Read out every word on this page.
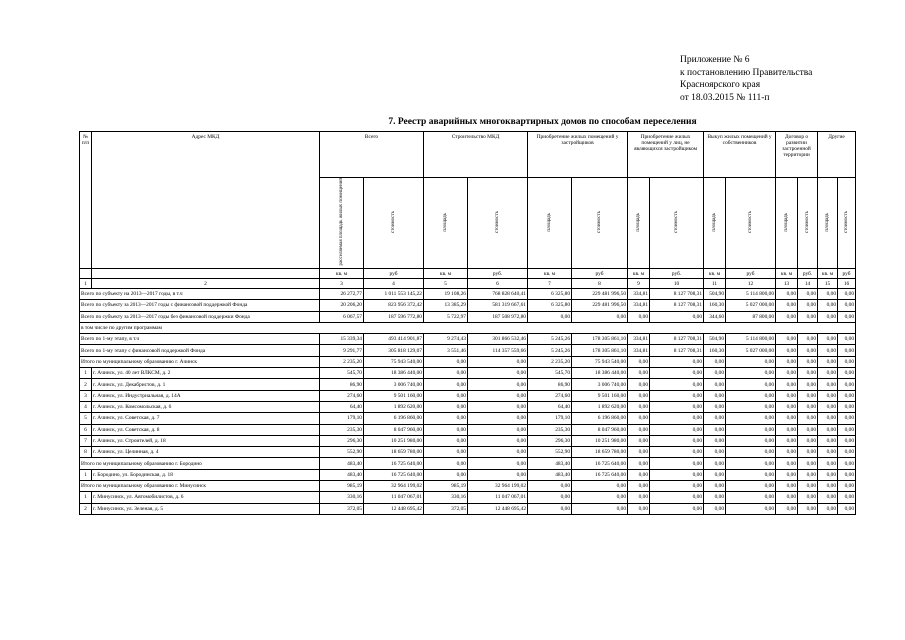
Приложение № 6
к постановлению Правительства
Красноярского края
от 18.03.2015 № 111-п
7. Реестр аварийных многоквартирных домов по способам переселения
№ п/п	Адрес МКД	Всего		Строительство МКД		Приобретение жилых помещений у застройщиков		Приобретение жилых помещений у лиц, не являющихся застройщиком		Выкуп жилых помещений у собственников		Договор о развитии застроенной территории		Другие	
		расселяемая площадь жилых помещений	стоимость	площадь	стоимость	площадь	стоимость	площадь	стоимость	площадь	стоимость	площадь	стоимость	площадь	стоимость
		кв. м	руб	кв. м	руб.	кв. м	руб	кв. м	руб.	кв. м	руб	кв. м	руб.	кв. м	руб
1	2	3	4	5	6	7	8	9	10	11	12	13	14	15	16
Всего по субъекту на 2013—2017 годы, в т.ч		26 272,77	1 011 553 145,22	19 108,26	768 828 640,41	6 325,80	229 481 996,50	334,81	8 127 708,31	504,90	5 114 800,00	0,00	0,00	0,00	0,00
Всего по субъекту за 2013—2017 годы с финансовой поддержкой Фонда		20 206,20	823 956 372,42	13 385,29	581 319 667,61	6 325,80	229 481 996,50	334,81	8 127 708,31	160,30	5 027 000,00	0,00	0,00	0,00	0,00
Всего по субъекту за 2013—2017 годы без финансовой поддержки Фонда		6 067,57	187 596 772,80	5 722,97	187 508 972,80	0,00	0,00	0,00	0,00	344,60	87 800,00	0,00	0,00	0,00	0,00
в том числе по другим программам															
Всего по 1-му этапу, в т.ч		15 339,34	493 414 901,87	9 274,43	301 866 532,46	5 245,26	178 305 861,10	334,81	8 127 708,31	504,90	5 114 800,00	0,00	0,00	0,00	0,00
Всего по 1-му этапу с финансовой поддержкой Фонда		9 291,77	305 818 129,07	3 551,46	114 357 559,66	5 245,26	178 305 861,10	334,81	8 127 708,31	160,30	5 027 000,00	0,00	0,00	0,00	0,00
Итого по муниципальному образованию г. Ачинск		2 235,20	75 943 540,00	0,00	0,00	2 235,20	75 943 540,00	0,00	0,00	0,00	0,00	0,00	0,00	0,00	0,00
1	г. Ачинск, ул. 40 лет ВЛКСМ, д. 2	545,70	18 386 440,00	0,00	0,00	545,70	18 386 440,00	0,00	0,00	0,00	0,00	0,00	0,00	0,00	0,00
2	г. Ачинск, ул. Декабристов, д. 1	86,90	3 006 740,00	0,00	0,00	86,90	3 006 740,00	0,00	0,00	0,00	0,00	0,00	0,00	0,00	0,00
3	г. Ачинск, ул. Индустриальная, д. 14А	274,60	9 501 160,00	0,00	0,00	274,60	9 501 160,00	0,00	0,00	0,00	0,00	0,00	0,00	0,00	0,00
4	г. Ачинск, ул. Комсомольская, д. 6	64,40	1 892 620,00	0,00	0,00	64,40	1 892 620,00	0,00	0,00	0,00	0,00	0,00	0,00	0,00	0,00
5	г. Ачинск, ул. Советская, д. 7	179,10	6 196 860,00	0,00	0,00	179,10	6 196 860,00	0,00	0,00	0,00	0,00	0,00	0,00	0,00	0,00
6	г. Ачинск, ул. Советская, д. 8	235,30	8 047 960,00	0,00	0,00	235,30	8 047 960,00	0,00	0,00	0,00	0,00	0,00	0,00	0,00	0,00
7	г. Ачинск, ул. Строителей, д. 18	296,30	10 251 980,00	0,00	0,00	296,30	10 251 980,00	0,00	0,00	0,00	0,00	0,00	0,00	0,00	0,00
8	г. Ачинск, ул. Целинная, д. 4	552,90	18 659 780,00	0,00	0,00	552,90	18 659 780,00	0,00	0,00	0,00	0,00	0,00	0,00	0,00	0,00
Итого по муниципальному образованию г. Бородино		483,40	16 725 640,00	0,00	0,00	483,40	16 725 640,00	0,00	0,00	0,00	0,00	0,00	0,00	0,00	0,00
1	г. Бородино, ул. Бородинская, д. 18	483,40	16 725 640,00	0,00	0,00	483,40	16 725 640,00	0,00	0,00	0,00	0,00	0,00	0,00	0,00	0,00
Итого по муниципальному образованию г. Минусинск		985,19	32 964 199,02	985,19	32 964 199,02	0,00	0,00	0,00	0,00	0,00	0,00	0,00	0,00	0,00	0,00
1	г. Минусинск, ул. Автомобилистов, д. 6	330,16	11 047 067,01	330,16	11 047 067,01	0,00	0,00	0,00	0,00	0,00	0,00	0,00	0,00	0,00	0,00
2	г. Минусинск, ул. Зеленая, д. 5	372,05	12 448 695,42	372,05	12 448 695,42	0,00	0,00	0,00	0,00	0,00	0,00	0,00	0,00	0,00	0,00
